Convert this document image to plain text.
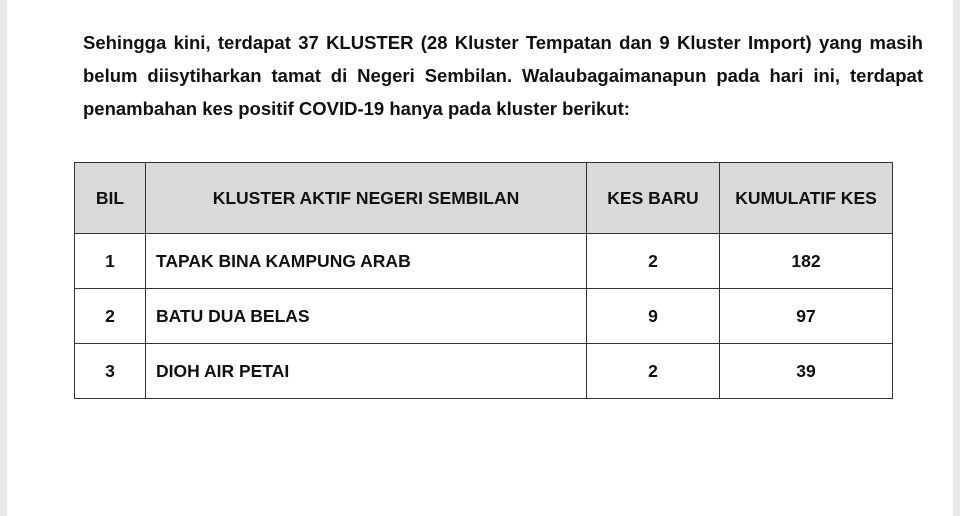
Sehingga kini, terdapat 37 KLUSTER (28 Kluster Tempatan dan 9 Kluster Import) yang masih belum diisytiharkan tamat di Negeri Sembilan. Walaubagaimanapun pada hari ini, terdapat penambahan kes positif COVID-19 hanya pada kluster berikut:

BIL	KLUSTER AKTIF NEGERI SEMBILAN	KES BARU	KUMULATIF KES
1	TAPAK BINA KAMPUNG ARAB	2	182
2	BATU DUA BELAS	9	97
3	DIOH AIR PETAI	2	39
